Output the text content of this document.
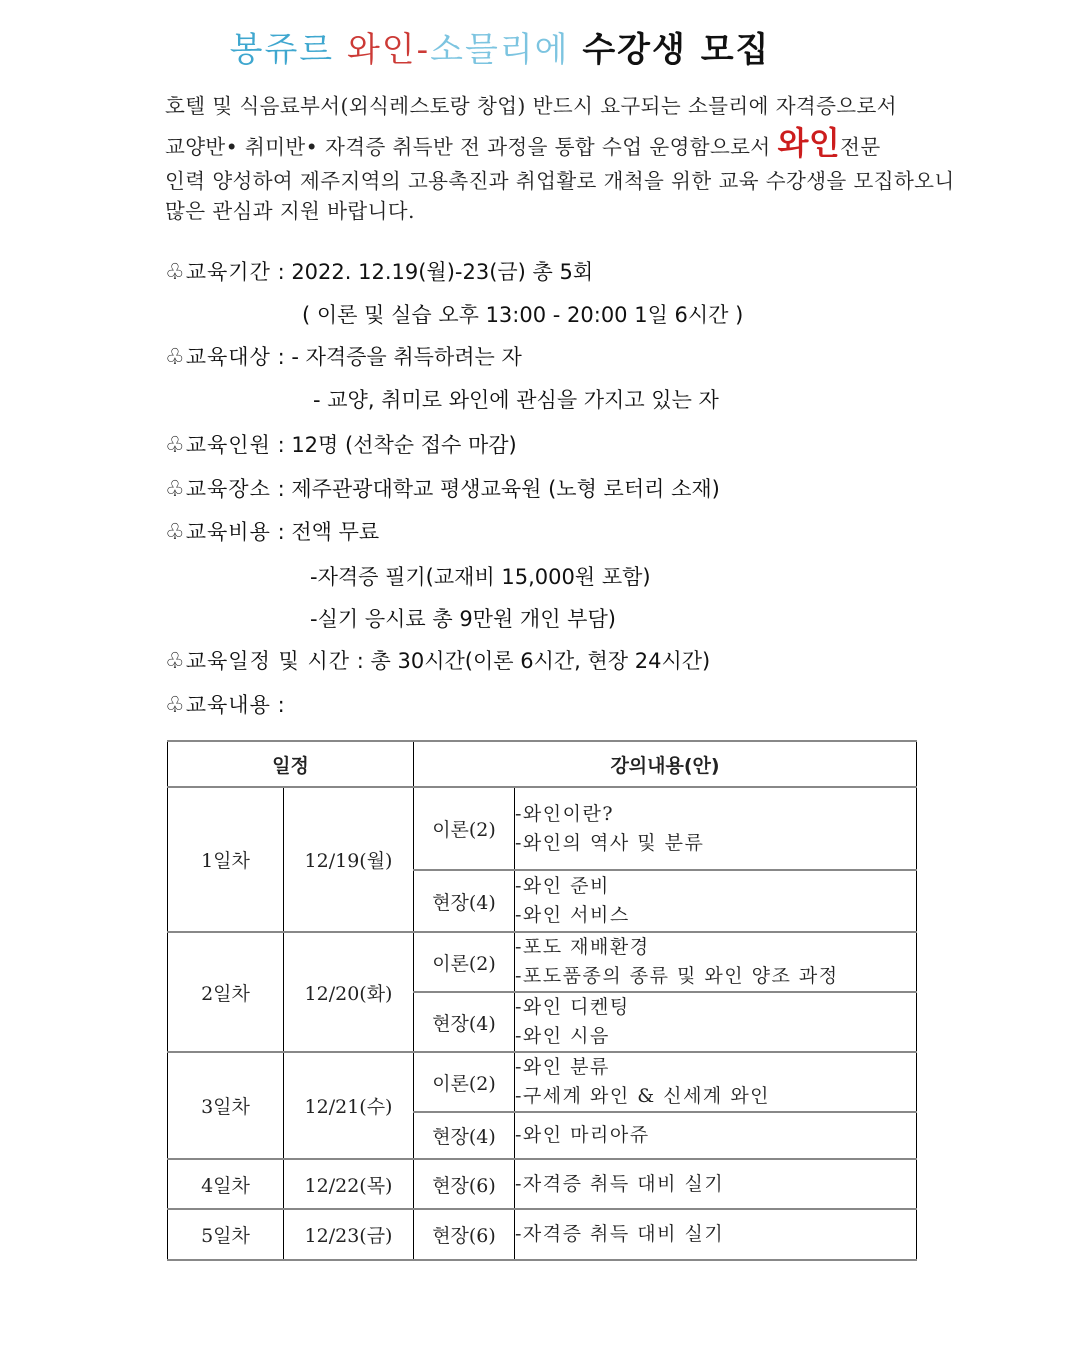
봉쥬르 와인-소믈리에 수강생 모집
호텔 및 식음료부서(외식레스토랑 창업) 반드시 요구되는 소믈리에 자격증으로서
교양반• 취미반• 자격증 취득반 전 과정을 통합 수업 운영함으로서 와인전문
인력 양성하여 제주지역의 고용촉진과 취업활로 개척을 위한 교육 수강생을 모집하오니
많은 관심과 지원 바랍니다.
♧교육기간 : 2022. 12.19(월)-23(금) 총 5회
( 이론 및 실습 오후 13:00 - 20:00 1일 6시간 )
♧교육대상 : - 자격증을 취득하려는 자
- 교양, 취미로 와인에 관심을 가지고 있는 자
♧교육인원 : 12명 (선착순 접수 마감)
♧교육장소 : 제주관광대학교 평생교육원 (노형 로터리 소재)
♧교육비용 : 전액 무료
-자격증 필기(교재비 15,000원 포함)
-실기 응시료 총 9만원 개인 부담)
♧교육일정 및 시간 : 총 30시간(이론 6시간, 현장 24시간)
♧교육내용 :
일정		강의내용(안)	
1일차	12/19(월)	이론(2)	-와인이란?
-와인의 역사 및 분류

		현장(4)	-와인 준비
-와인 서비스

2일차	12/20(화)	이론(2)	-포도 재배환경
-포도품종의 종류 및 와인 양조 과정

		현장(4)	-와인 디켄팅
-와인 시음

3일차	12/21(수)	이론(2)	-와인 분류
-구세계 와인 & 신세계 와인

		현장(4)	-와인 마리아쥬

4일차	12/22(목)	현장(6)	-자격증 취득 대비 실기

5일차	12/23(금)	현장(6)	-자격증 취득 대비 실기
